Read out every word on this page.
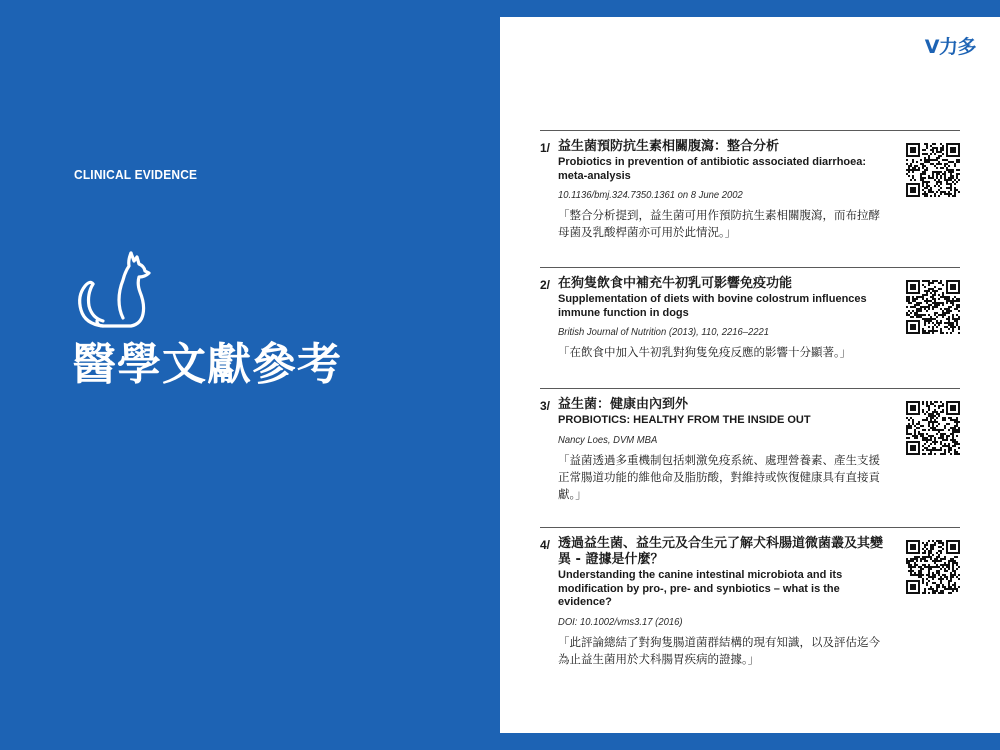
CLINICAL EVIDENCE
醫學文獻參考
V力多
1/ 益生菌預防抗生素相關腹瀉：整合分析
Probiotics in prevention of antibiotic associated diarrhoea: meta-analysis
10.1136/bmj.324.7350.1361 on 8 June 2002
「整合分析提到，益生菌可用作預防抗生素相關腹瀉，而布拉酵母菌及乳酸桿菌亦可用於此情況。」
2/ 在狗隻飲食中補充牛初乳可影響免疫功能
Supplementation of diets with bovine colostrum influences immune function in dogs
British Journal of Nutrition (2013), 110, 2216–2221
「在飲食中加入牛初乳對狗隻免疫反應的影響十分顯著。」
3/ 益生菌：健康由內到外
PROBIOTICS: HEALTHY FROM THE INSIDE OUT
Nancy Loes, DVM MBA
「益菌透過多重機制包括刺激免疫系統、處理營養素、產生支援正常腸道功能的維他命及脂肪酸，對維持或恢復健康具有直接貢獻。」
4/ 透過益生菌、益生元及合生元了解犬科腸道微菌叢及其變異 - 證據是什麼？
Understanding the canine intestinal microbiota and its modification by pro-, pre- and synbiotics – what is the evidence?
DOI: 10.1002/vms3.17 (2016)
「此評論總結了對狗隻腸道菌群結構的現有知識，以及評估迄今為止益生菌用於犬科腸胃疾病的證據。」
